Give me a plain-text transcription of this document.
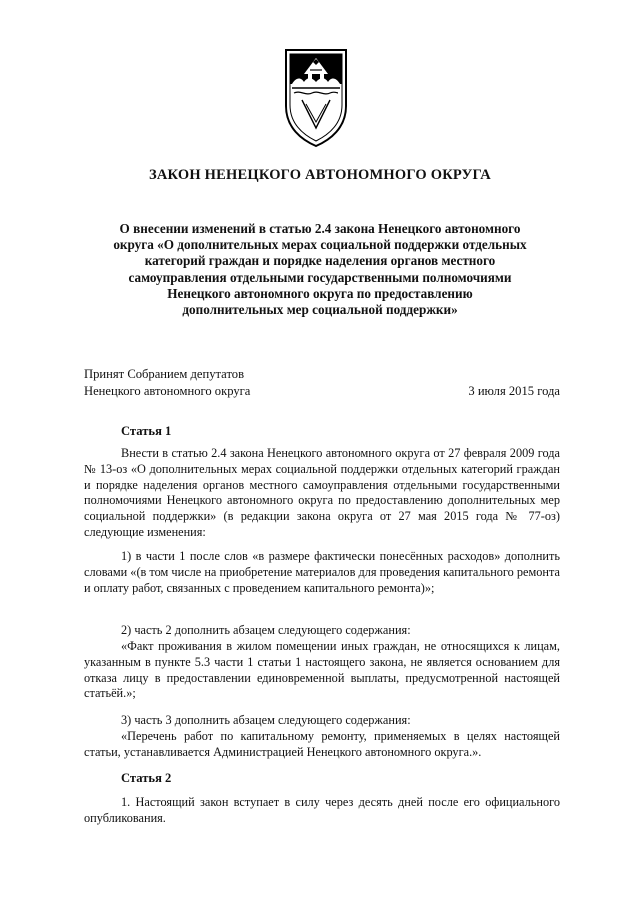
ЗАКОН НЕНЕЦКОГО АВТОНОМНОГО ОКРУГА
О внесении изменений в статью 2.4 закона Ненецкого автономного
округа «О дополнительных мерах социальной поддержки отдельных
категорий граждан и порядке наделения органов местного
самоуправления отдельными государственными полномочиями
Ненецкого автономного округа по предоставлению
дополнительных мер социальной поддержки»
Принят Собранием депутатов
Ненецкого автономного округа	3 июля 2015 года
Статья 1

Внести в статью 2.4 закона Ненецкого автономного округа от 27 февраля 2009 года № 13-оз «О дополнительных мерах социальной поддержки отдельных категорий граждан и порядке наделения органов местного самоуправления отдельными государственными полномочиями Ненецкого автономного округа по предоставлению дополнительных мер социальной поддержки» (в редакции закона округа от 27 мая 2015 года № 77-оз) следующие изменения:

1) в части 1 после слов «в размере фактически понесённых расходов» дополнить словами «(в том числе на приобретение материалов для проведения капитального ремонта и оплату работ, связанных с проведением капитального ремонта)»;

2) часть 2 дополнить абзацем следующего содержания:

«Факт проживания в жилом помещении иных граждан, не относящихся к лицам, указанным в пункте 5.3 части 1 статьи 1 настоящего закона, не является основанием для отказа лицу в предоставлении единовременной выплаты, предусмотренной настоящей статьёй.»;

3) часть 3 дополнить абзацем следующего содержания:

«Перечень работ по капитальному ремонту, применяемых в целях настоящей статьи, устанавливается Администрацией Ненецкого автономного округа.».

Статья 2

1. Настоящий закон вступает в силу через десять дней после его официального опубликования.
